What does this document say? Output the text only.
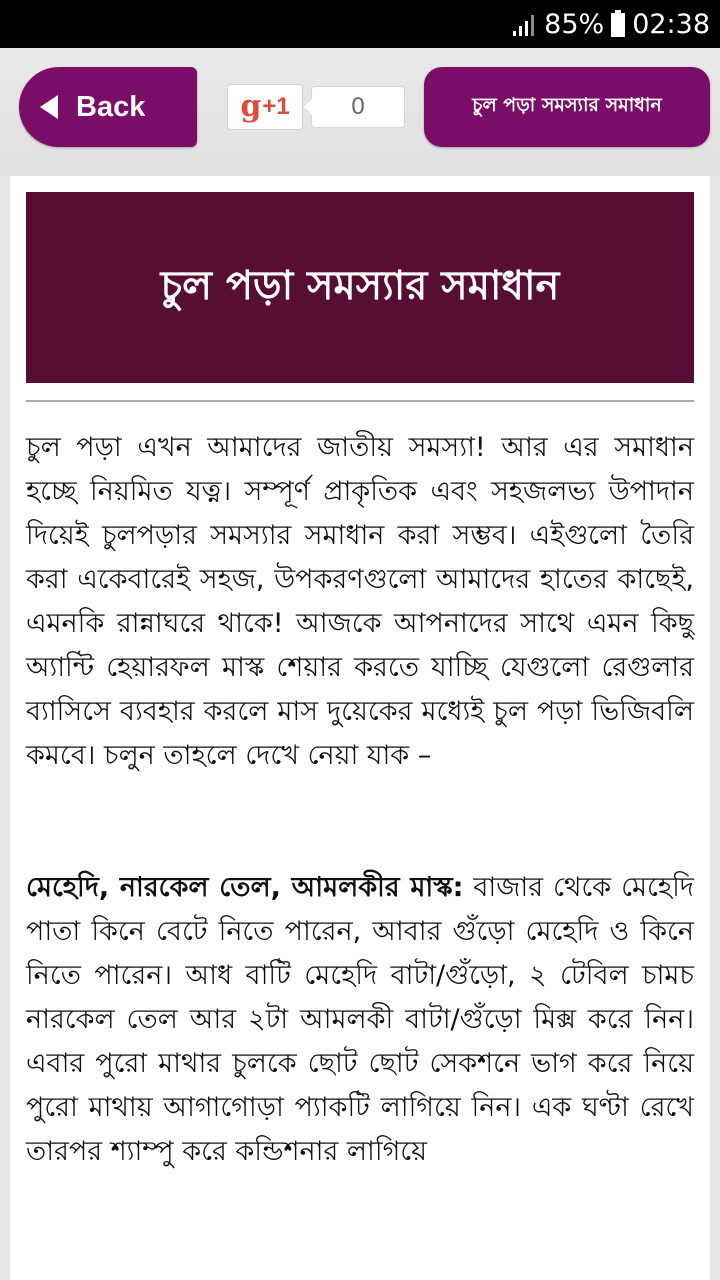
85% 02:38
Back	g +1	0	চুল পড়া সমস্যার সমাধান
চুল পড়া সমস্যার সমাধান

চুল পড়া এখন আমাদের জাতীয় সমস্যা! আর এর সমাধান হচ্ছে নিয়মিত যত্ন। সম্পূর্ণ প্রাকৃতিক এবং সহজলভ্য উপাদান দিয়েই চুলপড়ার সমস্যার সমাধান করা সম্ভব। এইগুলো তৈরি করা একেবারেই সহজ, উপকরণগুলো আমাদের হাতের কাছেই, এমনকি রান্নাঘরে থাকে! আজকে আপনাদের সাথে এমন কিছু অ্যান্টি হেয়ারফল মাস্ক শেয়ার করতে যাচ্ছি যেগুলো রেগুলার ব্যাসিসে ব্যবহার করলে মাস দুয়েকের মধ্যেই চুল পড়া ভিজিবলি কমবে। চলুন তাহলে দেখে নেয়া যাক –

মেহেদি, নারকেল তেল, আমলকীর মাস্ক: বাজার থেকে মেহেদি পাতা কিনে বেটে নিতে পারেন, আবার গুঁড়ো মেহেদি ও কিনে নিতে পারেন। আধ বাটি মেহেদি বাটা/গুঁড়ো, ২ টেবিল চামচ নারকেল তেল আর ২টা আমলকী বাটা/গুঁড়ো মিক্স করে নিন। এবার পুরো মাথার চুলকে ছোট ছোট সেকশনে ভাগ করে নিয়ে পুরো মাথায় আগাগোড়া প্যাকটি লাগিয়ে নিন। এক ঘণ্টা রেখে তারপর শ্যাম্পু করে কন্ডিশনার লাগিয়ে
